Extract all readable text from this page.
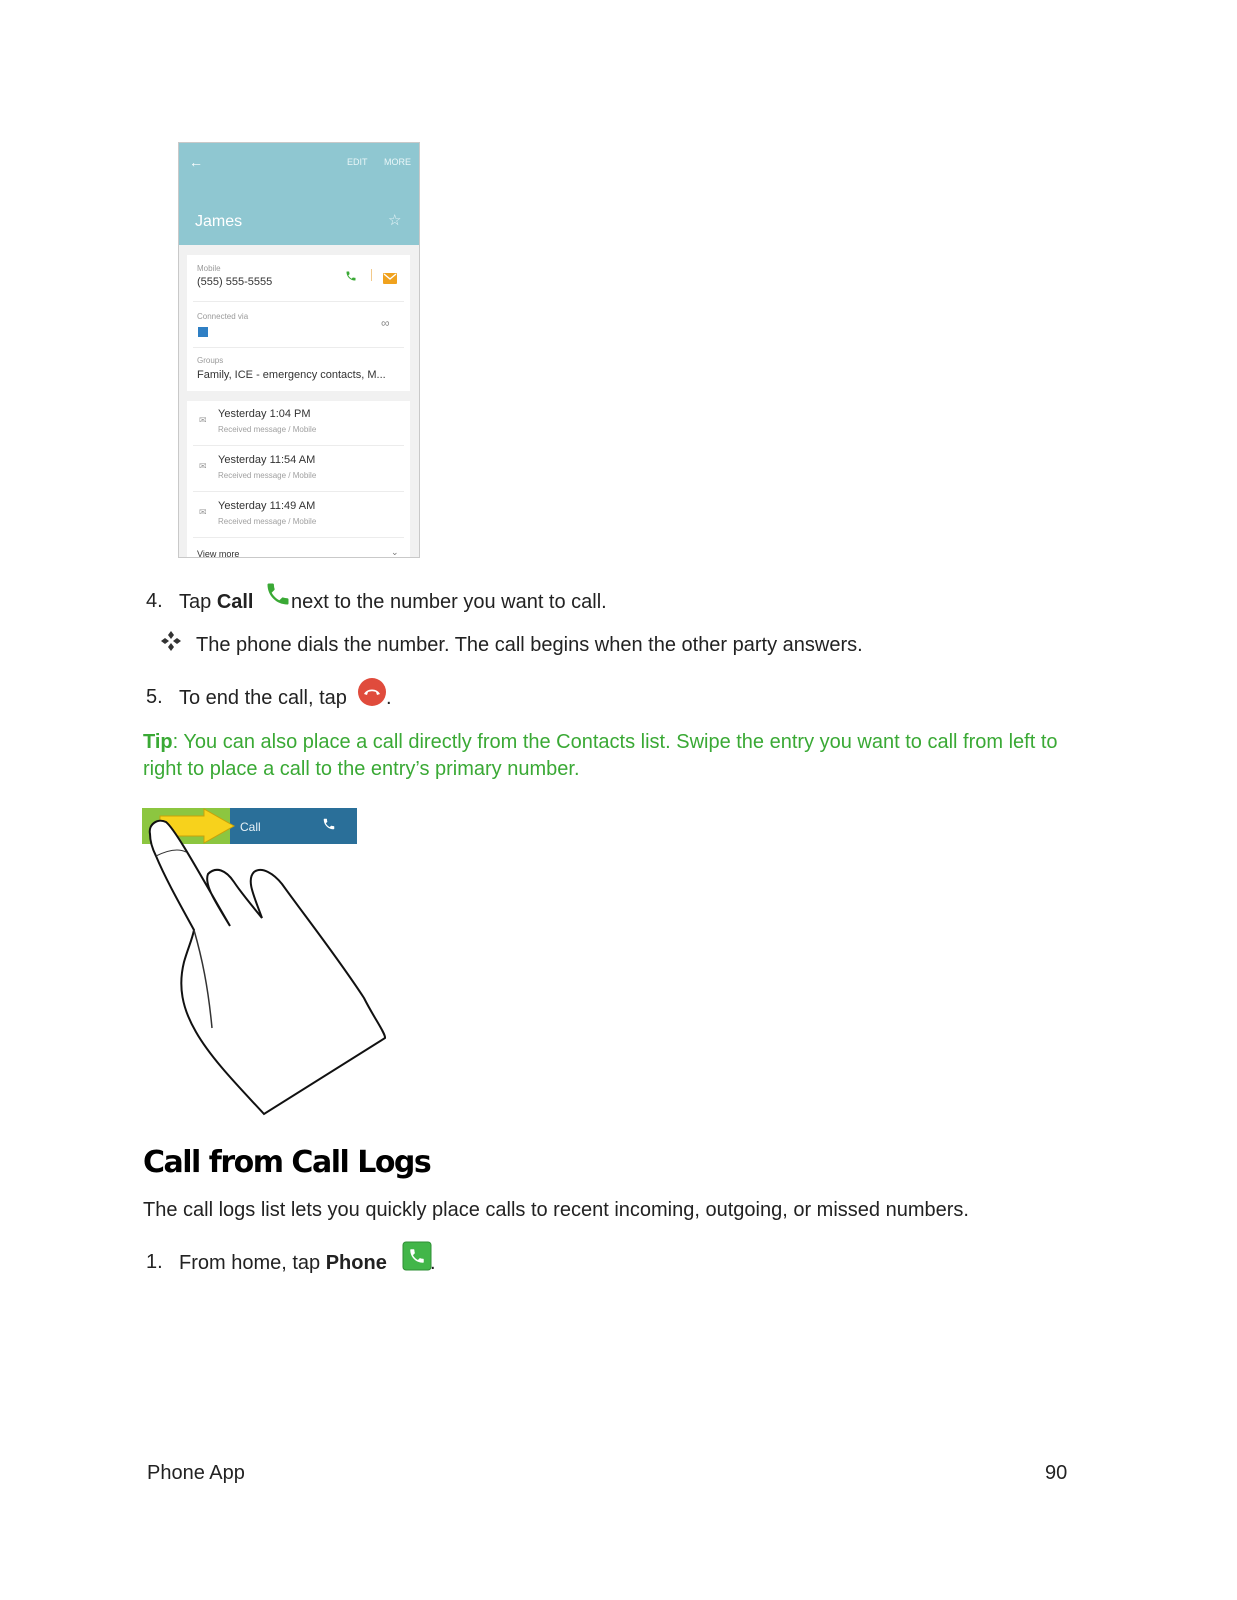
←	EDIT MORE
James	☆
Mobile
(555) 555-5555
Connected via	∞
Groups
Family, ICE - emergency contacts, M...
✉ Yesterday 1:04 PM
Received message / Mobile
✉ Yesterday 11:54 AM
Received message / Mobile
✉ Yesterday 11:49 AM
Received message / Mobile
View more	⌄
4. Tap Call next to the number you want to call.
The phone dials the number. The call begins when the other party answers.
5. To end the call, tap .
Tip: You can also place a call directly from the Contacts list. Swipe the entry you want to call from left to right to place a call to the entry’s primary number.
Call
Call from Call Logs
The call logs list lets you quickly place calls to recent incoming, outgoing, or missed numbers.
1. From home, tap Phone .
Phone App	90
